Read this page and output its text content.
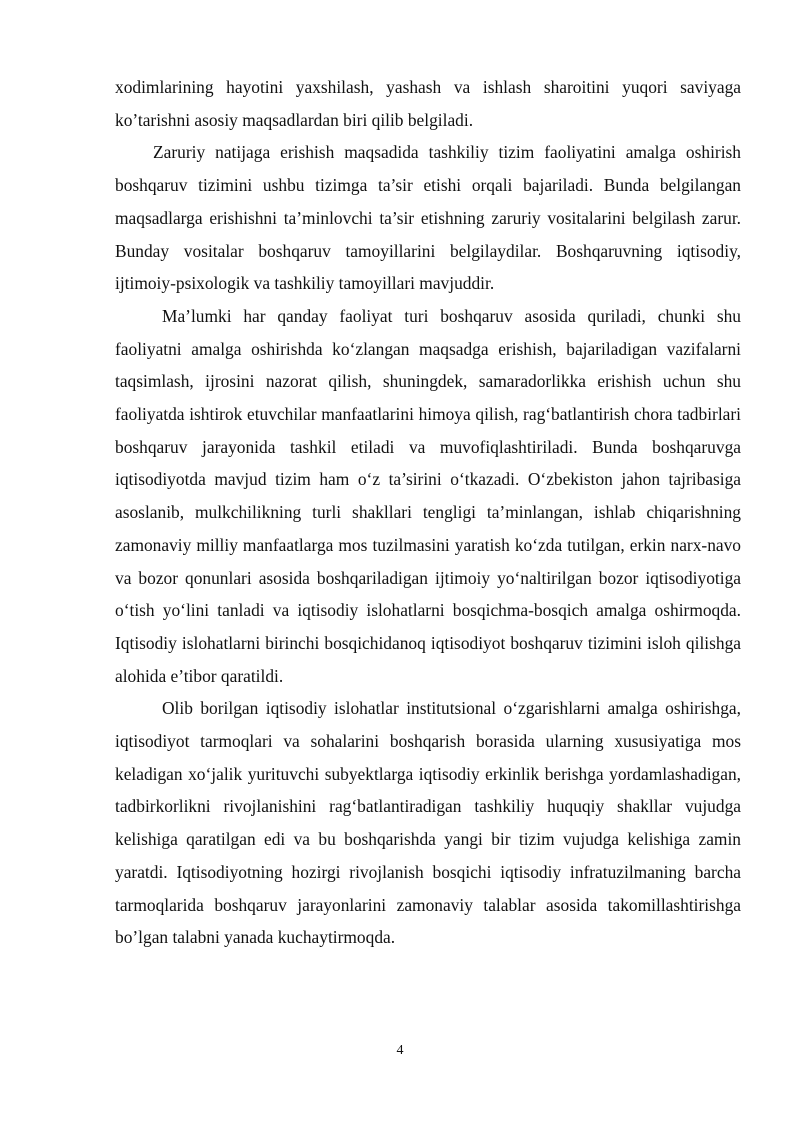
xodimlarining hayotini yaxshilash, yashash va ishlash sharoitini yuqori saviyaga ko’tarishni asosiy maqsadlardan biri qilib belgiladi.

Zaruriy natijaga erishish maqsadida tashkiliy tizim faoliyatini amalga oshirish boshqaruv tizimini ushbu tizimga ta’sir etishi orqali bajariladi. Bunda belgilangan maqsadlarga erishishni ta’minlovchi ta’sir etishning zaruriy vositalarini belgilash zarur. Bunday vositalar boshqaruv tamoyillarini belgilaydilar. Boshqaruvning iqtisodiy, ijtimoiy-psixologik va tashkiliy tamoyillari mavjuddir.

Ma’lumki har qanday faoliyat turi boshqaruv asosida quriladi, chunki shu faoliyatni amalga oshirishda ko‘zlangan maqsadga erishish, bajariladigan vazifalarni taqsimlash, ijrosini nazorat qilish, shuningdek, samaradorlikka erishish uchun shu faoliyatda ishtirok etuvchilar manfaatlarini himoya qilish, rag‘batlantirish chora tadbirlari boshqaruv jarayonida tashkil etiladi va muvofiqlashtiriladi. Bunda boshqaruvga iqtisodiyotda mavjud tizim ham o‘z ta’sirini o‘tkazadi. O‘zbekiston jahon tajribasiga asoslanib, mulkchilikning turli shakllari tengligi ta’minlangan, ishlab chiqarishning zamonaviy milliy manfaatlarga mos tuzilmasini yaratish ko‘zda tutilgan, erkin narx-navo va bozor qonunlari asosida boshqariladigan ijtimoiy yo‘naltirilgan bozor iqtisodiyotiga o‘tish yo‘lini tanladi va iqtisodiy islohatlarni bosqichma-bosqich amalga oshirmoqda. Iqtisodiy islohatlarni birinchi bosqichidanoq iqtisodiyot boshqaruv tizimini isloh qilishga alohida e’tibor qaratildi.

Olib borilgan iqtisodiy islohatlar institutsional o‘zgarishlarni amalga oshirishga, iqtisodiyot tarmoqlari va sohalarini boshqarish borasida ularning xususiyatiga mos keladigan xo‘jalik yurituvchi subyektlarga iqtisodiy erkinlik berishga yordamlashadigan, tadbirkorlikni rivojlanishini rag‘batlantiradigan tashkiliy huquqiy shakllar vujudga kelishiga qaratilgan edi va bu boshqarishda yangi bir tizim vujudga kelishiga zamin yaratdi. Iqtisodiyotning hozirgi rivojlanish bosqichi iqtisodiy infratuzilmaning barcha tarmoqlarida boshqaruv jarayonlarini zamonaviy talablar asosida takomillashtirishga bo’lgan talabni yanada kuchaytirmoqda.

4
